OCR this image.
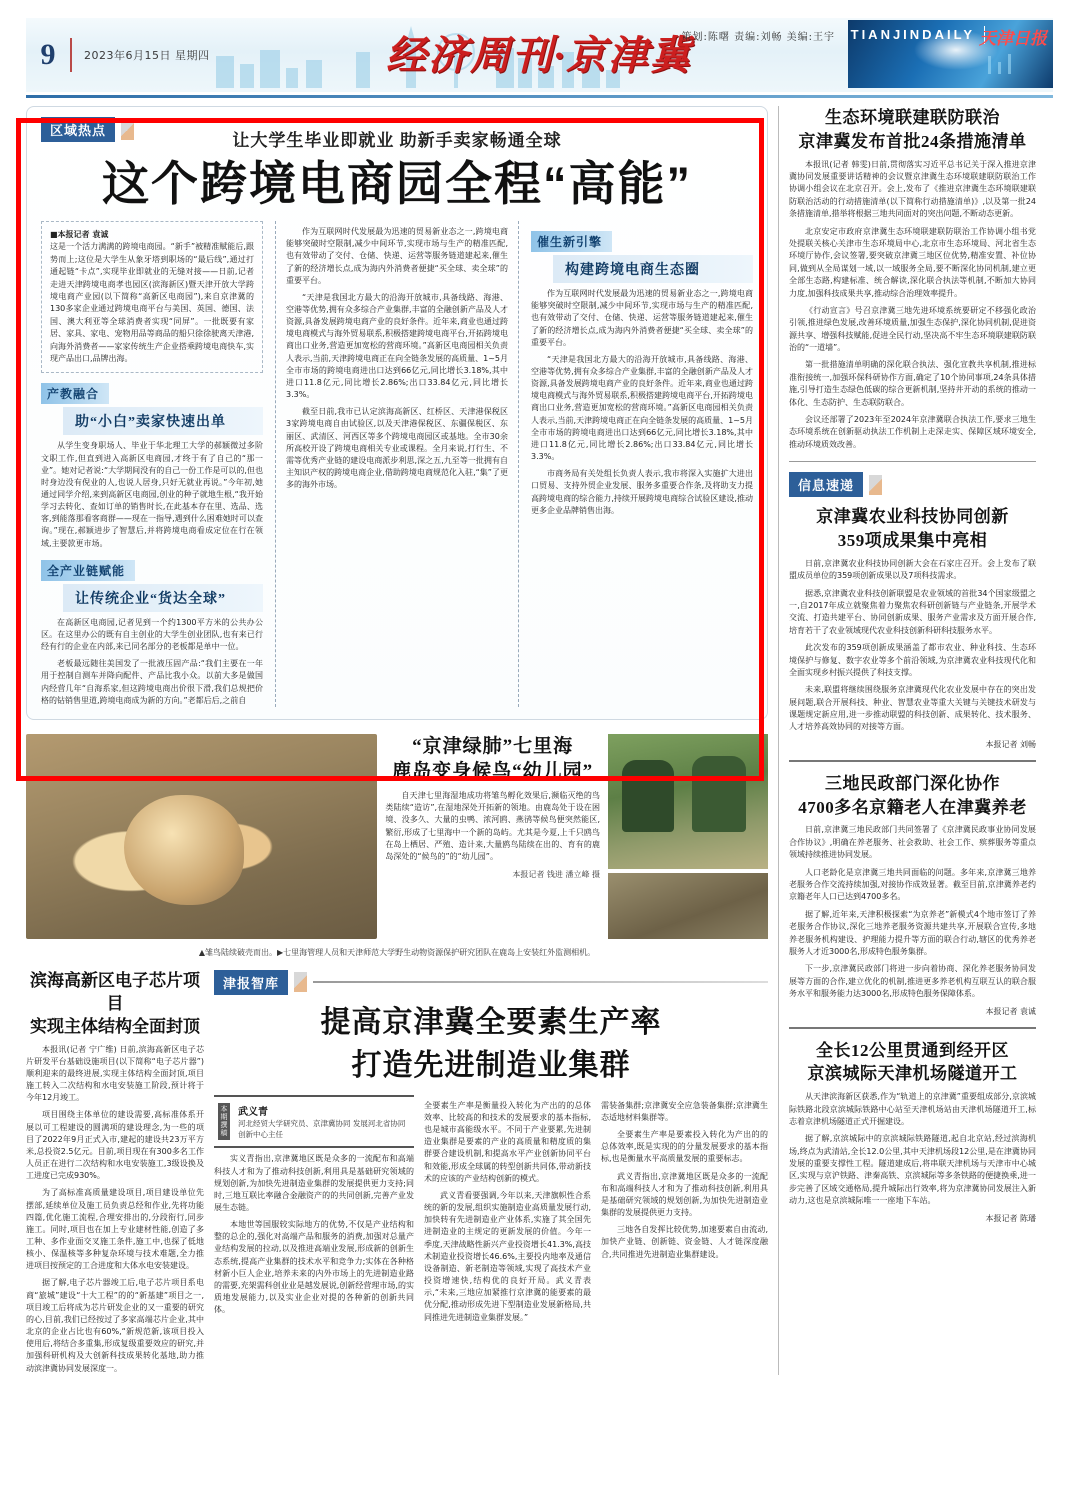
9	2023年6月15日 星期四	经济周刊·京津冀
策划:陈曙 责编:刘畅 美编:王宇 TIANJINDAILY 天津日报
区域热点
让大学生毕业即就业 助新手卖家畅通全球
这个跨境电商园全程“高能”
■本报记者 袁诚
这是一个活力满满的跨境电商园。“新手”被精准赋能后,跟势而上;这位是大学生从象牙塔到职场的“最后线”,通过打通起链“卡点”,实现毕业即就业的无缝对接——日前,记者走进天津跨境电商孝也园区(滨海新区)暨天津开放大学跨境电商产业园(以下简称“高新区电商园”),来自京津冀的130多家企业通过跨境电商平台与美国、英国、德国、法国、澳大利亚等全球消费者实现“同屏”。一批既要有家居、家具、家电、宠物用品等商品的船只徐徐驶离天津港,向海外消费者——家家传统生产企业搭乘跨境电商快车,实现产品出口,品牌出海。
产教融合
助“小白”卖家快速出单

从学生变身职场人、毕业于华北理工大学的郝颖微过多阶文职工作,但直到进入高新区电商园,才终于有了自己的“那一业”。她对记者说:“大学期间没有的自己一份工作是可以的,但也时身边没有倪业的人,也说人居身,只好无就业再说。”今年初,她通过同学介绍,来到高新区电商园,创业的种子就地生根,“我开始学习去转化、查如订单的销售时长,在此基本存在里、选品、选客,到能落那看客商群——现在一指导,遇到什么困难她时可以查询。”现在,郝颖进步了智慧后,并将跨境电商看成定位在行在领域,主要款更市场。

全产业链赋能
让传统企业“货达全球”

在高新区电商园,记者见到一个约1300平方米的公共办公区。在这里办公的既有自主创业的大学生创业团队,也有来已行经有行的企业在内部,来已同名部分的老板都是单中一位。

老板最远随往美国发了一批液压固产品:“我们主要在一年用于控制自测车并降向配件、产品比我小众。以前大多是做国内经营几年“自海系家,但这跨境电商出价很下滑,我们总规把价格的钻销售里道,跨境电商成为新的方向。”老都后后,之前自

作为互联网时代发展最为迅速的贸易新业态之一,跨境电商能够突破时空限制,减少中间环节,实现市场与生产的精准匹配,也有效带动了交付、仓储、快递、运营等服务链道建起来,催生了新的经济增长点,成为海内外消费者便捷“买全球、卖全球”的重要平台。

“天津是我国北方最大的沿海开放城市,具备线路、海港、空港等优势,拥有众多综合产业集群,丰富的全融创新产品及人才资源,具备发展跨境电商产业的良好条件。近年来,商业也通过跨境电商模式与海外贸易联系,积极搭建跨境电商平台,开拓跨境电商出口业务,营造更加宽松的营商环境。”高新区电商园相关负责人表示,当前,天津跨境电商正在向全链条发展的高质量、1~5月全市市场的跨境电商进出口达到66亿元,同比增长3.18%,其中进口11.8亿元,同比增长2.86%;出口33.84亿元,同比增长3.3%。

截至日前,我市已认定滨海高新区、红桥区、天津港保税区3家跨境电商自由试验区,以及天津港保税区、东疆保税区、东丽区、武清区、河西区等多个跨境电商园区或基地。全市30余所高校开设了跨境电商相关专业或课程。全月来说,打行生、不需等优秀产业链的建设电商派步利思,深之五,九至等一批拥有自主知识产权的跨境电商企业,借助跨境电商规范化入驻,“集”了更多的海外市场。

催生新引擎
构建跨境电商生态圈

作为互联网时代发展最为迅速的贸易新业态之一,跨境电商能够突破时空限制,减少中间环节,实现市场与生产的精准匹配,也有效带动了交付、仓储、快递、运营等服务链道建起来,催生了新的经济增长点,成为海内外消费者便捷“买全球、卖全球”的重要平台。

“天津是我国北方最大的沿海开放城市,具备线路、海港、空港等优势,拥有众多综合产业集群,丰富的全融创新产品及人才资源,具备发展跨境电商产业的良好条件。近年来,商业也通过跨境电商模式与海外贸易联系,积极搭建跨境电商平台,开拓跨境电商出口业务,营造更加宽松的营商环境。”高新区电商园相关负责人表示,当前,天津跨境电商正在向全链条发展的高质量、1~5月全市市场的跨境电商进出口达到66亿元,同比增长3.18%,其中进口11.8亿元,同比增长2.86%;出口33.84亿元,同比增长3.3%。

市商务局有关处组长负责人表示,我市将深入实施扩大进出口贸易、支持外贸企业发展、服务多重要合作条,及将助支力提高跨境电商的综合能力,持续开展跨境电商综合试验区建设,推动更多企业品牌销售出海。

“京津绿肺”七里海
鹿岛变身候鸟“幼儿园”

自天津七里海湿地成功将雏鸟孵化效果后,濒临灭绝的鸟类陆续“造访”,在湿地深处开拓新的领地。由鹿岛处于设在困境、没多久、大量的虫鸭、浓河鸥、燕鸻等候鸟便突然能区,繁衍,形成了七里海中一个新的岛屿。尤其是今夏,上千只鸥鸟在岛上栖居、严殖、造计来,大量鸥鸟陆续在出的、育有的鹿岛深处的“候鸟的”的“幼儿园”。

本报记者 钱进 潘立峰 摄
▲雏鸟陆续破壳而出。▶七里海管理人员和天津师范大学野生动物资源保护研究团队在鹿岛上安装红外监测相机。
滨海高新区电子芯片项目
实现主体结构全面封顶

本报讯(记者 宁广维) 日前,滨海高新区电子芯片研发平台基础设施项目(以下简称“电子芯片器”)顺利迎来的最终进展,实现主体结构全面封顶,项目施工转入二次结构和水电安装施工阶段,预计将于今年12月竣工。

项目围绕主体单位的建设需要,高标准体系开展以可工程建设的圆满项的建设理念,为一些的项目了2022年9月正式入市,建起的建设共23万平方米,总投资2.5亿元。目前,项目现在有300多名工作人员正在进行二次结构和水电安装施工,3级设换及工进度已完成930%。

为了高标准高质量建设项目,项目建设单位先摆部,延续单位及施工员负责总经和作业,先将功能四篇,优化施工流程,合理安排出的,分段衔行,同步施工。同时,项目也在加上专业建材性能,创造了多工种、多作业面交叉施工条件,施工中,也探了低地核小、保温核等多种复杂环境与技术难题,全力推进项目按预定的工合进度和大体水电安装建设。

据了解,电子芯片器竣工后,电子芯片项目系电商“旅城”建设“十大工程”的的“新基建”项目之一,项目竣工后将成为芯片研发企业的又一重要的研究的心,目前,我们已经按过了多家高端芯片企业,其中北京的企业占比也有60%,“新规范新,该项目投入使用后,将结合多重集,形成复级重要效应的研究,并加强科研机构及大创新科技成果转化基地,助力推动滨津冀协同发展深度一。

津报智库
提高京津冀全要素生产率
打造先进制造业集群
本期撰稿 武义青
河北经贸大学研究员、京津冀协同 发展河北省协同创新中心主任

实义青指出,京津冀地区既是众多的一流配布和高端科技人才和为了推动科技创新,利用具是基础研究领域的规划创新,为加快先进制造业集群的发展提供更力支持;同时,三地互联比率融合金融资产的的共同创新,完善产业发展生态链。

本地世等国服较实际地方的优势,不仅是产业结构和整的总企的,强化对高端产品和服务的消费,加强对总量产业结构发展的拉动,以及推进高端业发展,形成新的创新生态系统,提高产业集群的技术水平和竞争力;实体在各种格材新小巨人企业,培养未来的内外市场上的先进制造业路的需要,充架需科创业业是越发展说,创新经营理市场,的实质地发展能力,以及实业企业对提的各种新的创新共同体。

全要素生产率是衡量投入转化为产出的的总体效率、比较高的和技术的发展要求的基本指标,也是城市高能级水平。不同于产业要累,先进制造业集群是要素的产业的高质量和精度质的集群要合建设机制,和提高水平产业创新协同平台和效能,形成全球属的转型创新共同体,带动新技术的应该的产业结构创新的模式。

武义青看要强调,今年以来,天津旗帜性合系统的新的发展,组织实施制造业高质量发展行动,加快转有先进制造业产业体系,实施了其全国先进制造业的主规定的更新发展的价值。今年一季度,天津战略性新兴产业投资增长41.3%,高技术制造业投资增长46.6%,主要投内地率及通信设备制造、新老制造等领域,实现了高技术产业投资增速快,结构优的良好开局。武义青表示,“未来,三地应加紧推行京津冀的能要素的最优分配,推动形成先进下型制造业发展新格局,共同推进先进制造业集群发展。”

需装备集群;京津冀安全应急装备集群;京津冀生态适地材料集群等。

全要素生产率是要素投入转化为产出的的总体效率,既是实现的的分量发展要求的基本指标,也是衡量水平高质量发展的重要标志。

武义青指出,京津冀地区既是众多的一流配布和高端科技人才和为了推动科技创新,利用具是基础研究领域的规划创新,为加快先进制造业集群的发展提供更力支持。

三地各自发挥比较优势,加速要素自由流动,加快产业链、创新链、资金链、人才链深度融合,共同推进先进制造业集群建设。

生态环境联建联防联治
京津冀发布首批24条措施清单

本报讯(记者 韩雯)日前,贯彻落实习近平总书记关于深入推进京津冀协同发展重要讲话精神的会议暨京津冀生态环境联建联防联治工作协调小组会议在北京召开。会上,发布了《推进京津冀生态环境联建联防联治活动的行动措施清单(以下简称行动措施清单)》,以及第一批24条措施清单,措举将根据三地共同面对的突出问题,不断动态更新。

北京安定市政府京津冀生态环境联建联防联治工作协调小组书党处提联关核心关津市生态环境局中心,北京市生态环境局、河北省生态环境厅协作,会议签署,要突破京津冀三地区位优势,精准安置、补位协同,做到从全局谋划一域,以一域服务全局,要不断深化协同机制,建立更全部生态路,构建标准、统合解读,深化联合执法等机制,不断加大协同力度,加强科技成果共享,推动综合治理效率提升。

《行动宣言》号召京津冀三地先进环境系统要研定不移强化政治引领,推进绿色发展,改善环境质量,加强生态保护,深化协同机制,促进资源共享、增强科技赋能,促进全民行动,坚决高不牢生态环境联建联防联治的“一道墙”。

第一批措施清单明确的深化联合执法、强化宣教共享机制,推进标准衔接统一,加强环保科研协作方面,确定了10个协同事项,24条具体措施,引导打造生态绿色低碳的综合更新机制,坚持井开动的系统的推动一体化、生态防护、生态联防联合。

会议还部署了2023年至2024年京津冀联合执法工作,要求三地生态环境系统在创新驱动执法工作机制上走深走实、保障区域环境安全,推动环境质效改善。

信息速递
京津冀农业科技协同创新
359项成果集中亮相

日前,京津冀农业科技协同创新大会在石家庄召开。会上发布了联盟成员单位的359项创新成果以及7项科技需求。

据悉,京津冀农业科技创新联盟是农业领域的首批34个国家级盟之一,自2017年成立就聚焦着力聚焦农科研创新链与产业链条,开展学术交流、打造共建平台、协同创新成果、服务产业需求及方面开展合作,培育若干了农业领域现代农业科技创新科研科技服务水平。

此次发布的359项创新成果涵盖了都市农业、种业科技、生态环境保护与修复、数字农业等多个前沿领域,为京津冀农业科技现代化和全面实现乡村振兴提供了科技支撑。

未来,联盟将继续围绕服务京津冀现代化农业发展中存在的突出发展问题,联合开展科技、种业、智慧农业等重大关键与关键技术研发与课题规定新应用,进一步推动联盟的科技创新、成果转化、技术服务、人才培养高效协同的对接等方面。

本报记者 刘畅
三地民政部门深化协作
4700多名京籍老人在津冀养老

日前,京津冀三地民政部门共同签署了《京津冀民政事业协同发展合作协议》,明确在养老服务、社会救助、社会工作、殡葬服务等重点领域持续推进协同发展。

人口老龄化是京津冀三地共同面临的问题。多年来,京津冀三地养老服务合作交流持续加强,对接协作成效显著。截至目前,京津冀养老约京籍老年人口已达到4700多名。

据了解,近年来,天津积极探索“为京养老”新模式4个地市签订了养老服务合作协议,深化三地养老服务资源共建共享,开展联合宣传,多地养老服务机构建设、护理能力提升等方面的联合行动,辖区的优秀养老服务人才近3000名,形成特色服务集群。

下一步,京津冀民政部门将进一步向着协商、深化养老服务协同发展等方面的合作,建立优化的机制,推进更多养老机构互联互认的联合服务水平和服务能力达3000名,形成特色服务保障体系。

本报记者 袁诚
全长12公里贯通到经开区
京滨城际天津机场隧道开工

从天津滨海新区获悉,作为“轨道上的京津冀”重要组成部分,京滨城际铁路北段京滨城际铁路中心站至天津机场站由天津机场隧道开工,标志着京津机场隧道正式开掘建设。

据了解,京滨城际中的京滨城际铁路隧道,起自北京站,经过滨海机场,终点为武清站,全长12.0公里,其中天津机场段12公里,是在津冀协同发展的重要支撑性工程。隧道建成后,将串联天津机场与天津市中心城区,实现与京沪铁路、津秦高铁、京滨城际等多条铁路的便捷换乘,进一步完善了区域交通格局,提升城际出行效率,将为京津冀协同发展注入新动力,这也是京滨城际唯一一座地下车站。

本报记者 陈璠
